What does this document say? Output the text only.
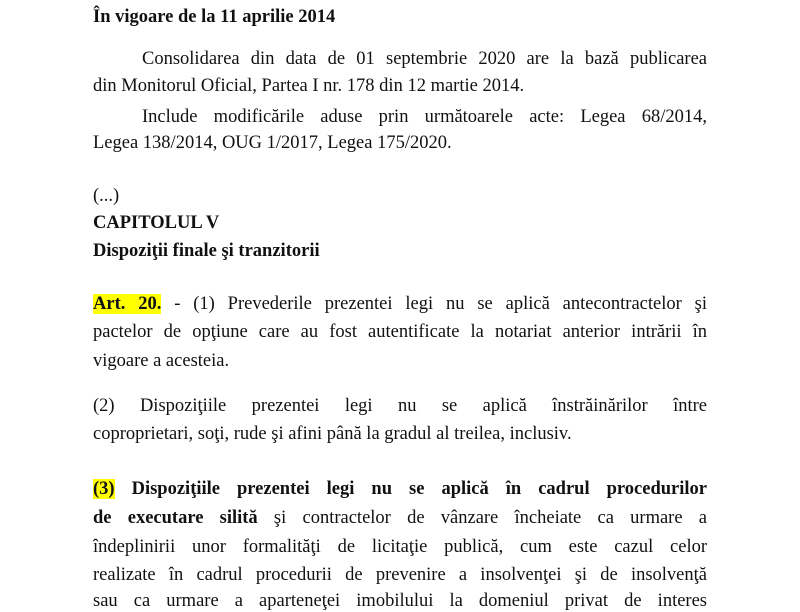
În vigoare de la 11 aprilie 2014
Consolidarea din data de 01 septembrie 2020 are la bază publicarea
din Monitorul Oficial, Partea I nr. 178 din 12 martie 2014.
Include modificările aduse prin următoarele acte: Legea 68/2014,
Legea 138/2014, OUG 1/2017, Legea 175/2020.
(...)
CAPITOLUL V
Dispoziţii finale şi tranzitorii
Art. 20. - (1) Prevederile prezentei legi nu se aplică antecontractelor şi
pactelor de opţiune care au fost autentificate la notariat anterior intrării în
vigoare a acesteia.
(2) Dispoziţiile prezentei legi nu se aplică înstrăinărilor între
coproprietari, soţi, rude şi afini până la gradul al treilea, inclusiv.
(3) Dispoziţiile prezentei legi nu se aplică în cadrul procedurilor
de executare silită şi contractelor de vânzare încheiate ca urmare a
îndeplinirii unor formalităţi de licitaţie publică, cum este cazul celor
realizate în cadrul procedurii de prevenire a insolvenţei şi de insolvenţă
sau ca urmare a aparteneţei imobilului la domeniul privat de interes
